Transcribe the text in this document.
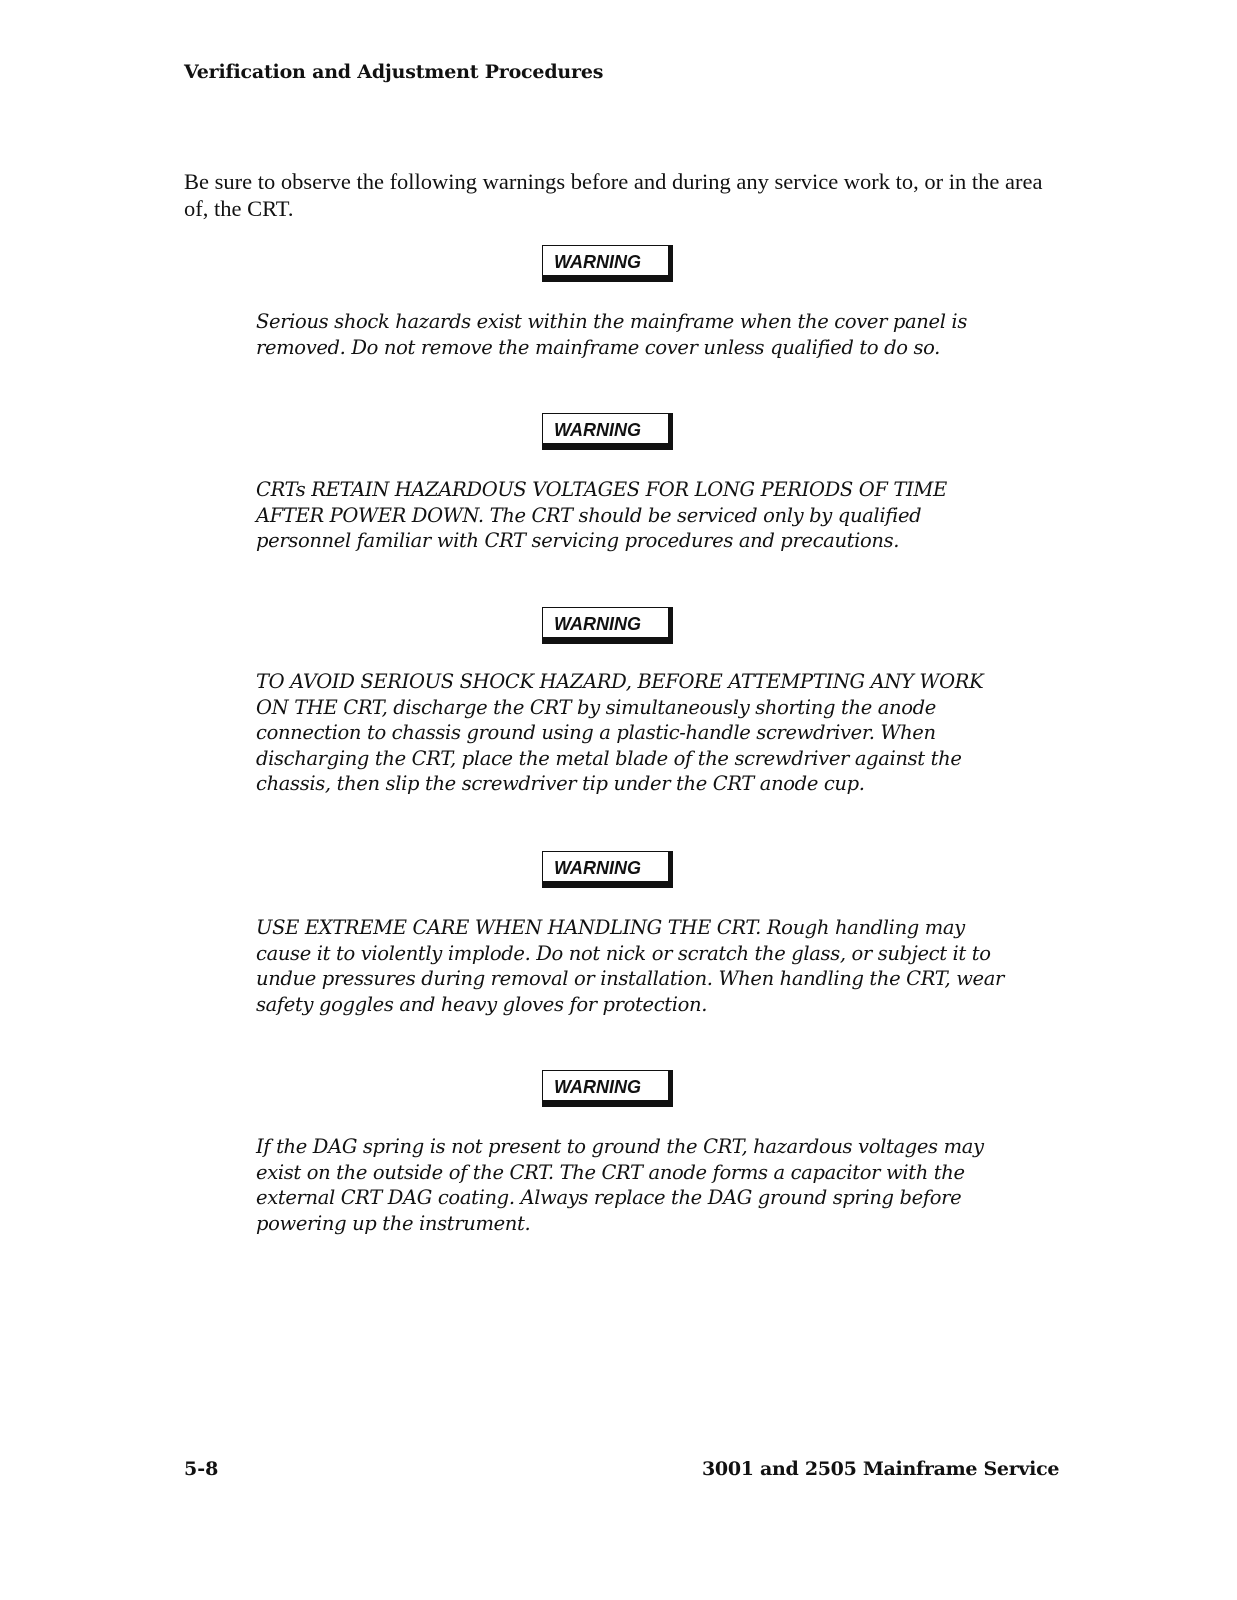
Verification and Adjustment Procedures
Be sure to observe the following warnings before and during any service work to, or in the area of, the CRT.
WARNING
Serious shock hazards exist within the mainframe when the cover panel is removed. Do not remove the mainframe cover unless qualified to do so.
WARNING
CRTs RETAIN HAZARDOUS VOLTAGES FOR LONG PERIODS OF TIME AFTER POWER DOWN. The CRT should be serviced only by qualified personnel familiar with CRT servicing procedures and precautions.
WARNING
TO AVOID SERIOUS SHOCK HAZARD, BEFORE ATTEMPTING ANY WORK ON THE CRT, discharge the CRT by simultaneously shorting the anode connection to chassis ground using a plastic-handle screwdriver. When discharging the CRT, place the metal blade of the screwdriver against the chassis, then slip the screwdriver tip under the CRT anode cup.
WARNING
USE EXTREME CARE WHEN HANDLING THE CRT. Rough handling may cause it to violently implode. Do not nick or scratch the glass, or subject it to undue pressures during removal or installation. When handling the CRT, wear safety goggles and heavy gloves for protection.
WARNING
If the DAG spring is not present to ground the CRT, hazardous voltages may exist on the outside of the CRT. The CRT anode forms a capacitor with the external CRT DAG coating. Always replace the DAG ground spring before powering up the instrument.
5-8	3001 and 2505 Mainframe Service
